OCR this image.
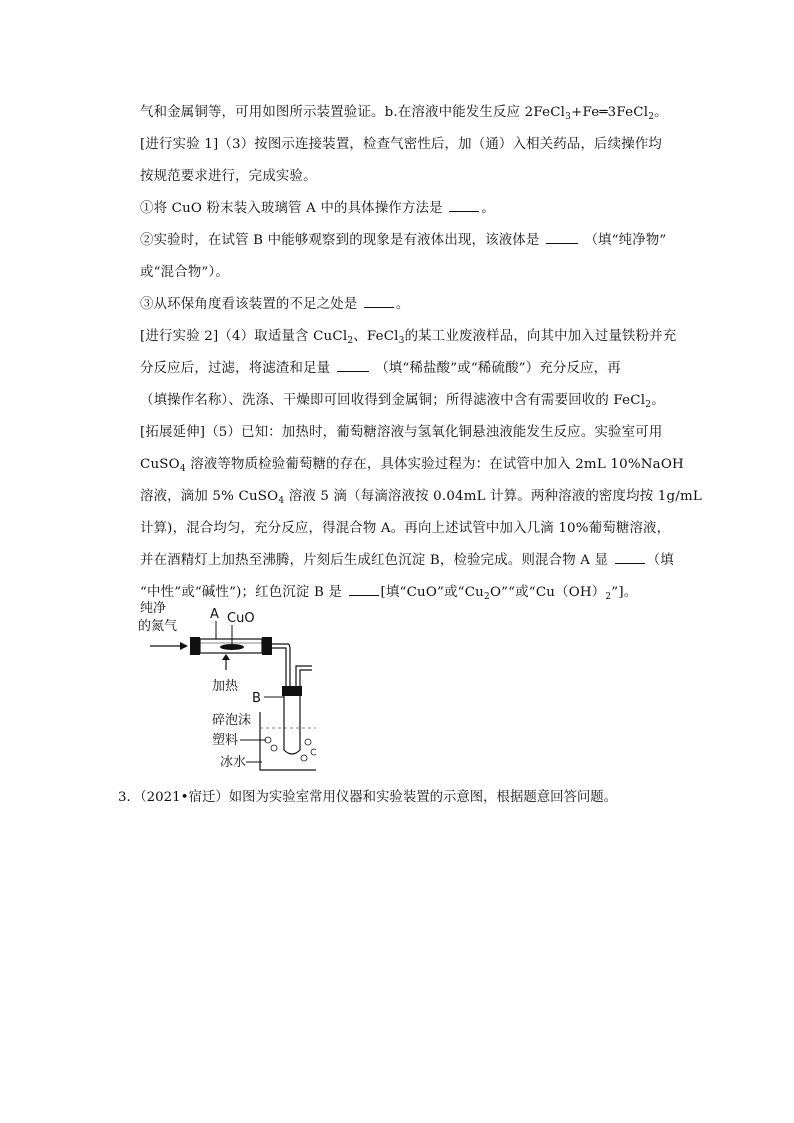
气和金属铜等，可用如图所示装置验证。b.在溶液中能发生反应 2FeCl$_3$+Fe═3FeCl$_2$。
[进行实验 1]（3）按图示连接装置，检查气密性后，加（通）入相关药品，后续操作均
按规范要求进行，完成实验。
①将 CuO 粉末装入玻璃管 A 中的具体操作方法是	。
②实验时，在试管 B 中能够观察到的现象是有液体出现，该液体是	（填“纯净物”
或“混合物”）。
③从环保角度看该装置的不足之处是	。
[进行实验 2]（4）取适量含 CuCl$_2$、FeCl$_3$的某工业废液样品，向其中加入过量铁粉并充
分反应后，过滤，将滤渣和足量	（填“稀盐酸”或“稀硫酸”）充分反应，再
（填操作名称）、洗涤、干燥即可回收得到金属铜；所得滤液中含有需要回收的 FeCl$_2$。
[拓展延伸]（5）已知：加热时，葡萄糖溶液与氢氧化铜悬浊液能发生反应。实验室可用
CuSO$_4$ 溶液等物质检验葡萄糖的存在，具体实验过程为：在试管中加入 2mL 10%NaOH
溶液，滴加 5% CuSO$_4$ 溶液 5 滴（每滴溶液按 0.04mL 计算。两种溶液的密度均按 1g/mL
计算)，混合均匀，充分反应，得混合物 A。再向上述试管中加入几滴 10%葡萄糖溶液，
并在酒精灯上加热至沸腾，片刻后生成红色沉淀 B，检验完成。则混合物 A 显	（填
“中性”或“碱性”)；红色沉淀 B 是	[填“CuO”或“$Cu_2O”“$或“$Cu(OH)_2$”]。
纯净
的氮气
A CuO
加热
B
碎泡沫
塑料
冰水
3．（2021•宿迁）如图为实验室常用仪器和实验装置的示意图，根据题意回答问题。
